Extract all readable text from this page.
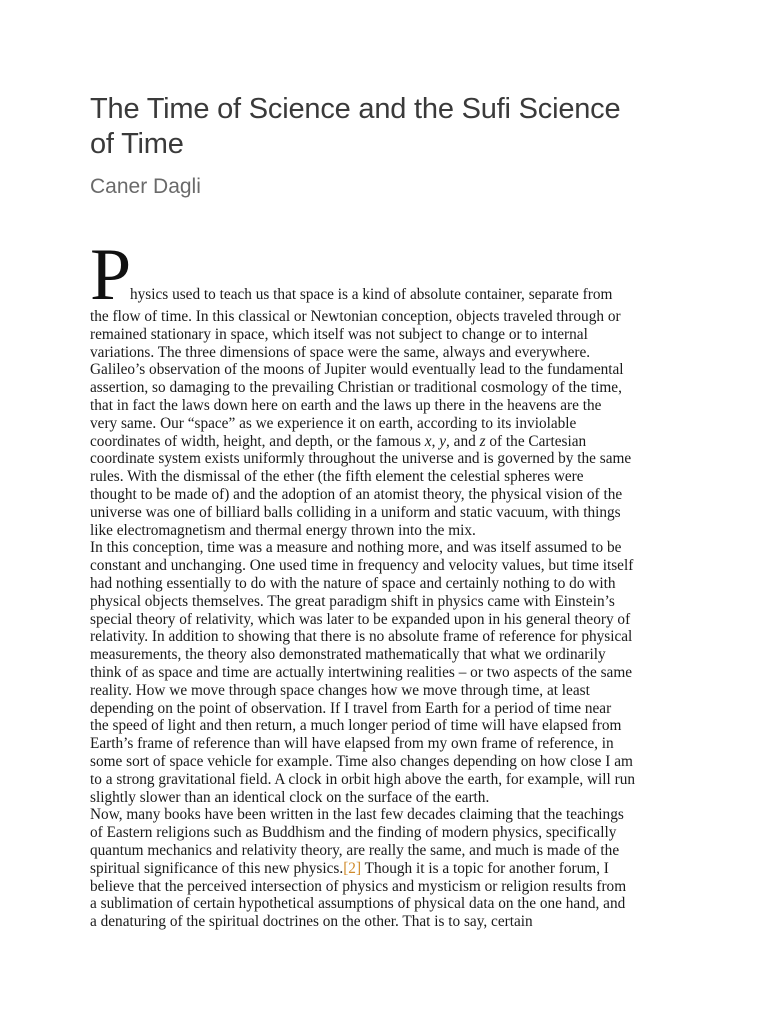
The Time of Science and the Sufi Science
of Time
Caner Dagli
P
hysics used to teach us that space is a kind of absolute container, separate from

the flow of time. In this classical or Newtonian conception, objects traveled through or
remained stationary in space, which itself was not subject to change or to internal
variations. The three dimensions of space were the same, always and everywhere.
Galileo’s observation of the moons of Jupiter would eventually lead to the fundamental
assertion, so damaging to the prevailing Christian or traditional cosmology of the time,
that in fact the laws down here on earth and the laws up there in the heavens are the
very same. Our “space” as we experience it on earth, according to its inviolable
coordinates of width, height, and depth, or the famous x, y, and z of the Cartesian
coordinate system exists uniformly throughout the universe and is governed by the same
rules. With the dismissal of the ether (the fifth element the celestial spheres were
thought to be made of) and the adoption of an atomist theory, the physical vision of the
universe was one of billiard balls colliding in a uniform and static vacuum, with things
like electromagnetism and thermal energy thrown into the mix.

In this conception, time was a measure and nothing more, and was itself assumed to be
constant and unchanging. One used time in frequency and velocity values, but time itself
had nothing essentially to do with the nature of space and certainly nothing to do with
physical objects themselves. The great paradigm shift in physics came with Einstein’s
special theory of relativity, which was later to be expanded upon in his general theory of
relativity. In addition to showing that there is no absolute frame of reference for physical
measurements, the theory also demonstrated mathematically that what we ordinarily
think of as space and time are actually intertwining realities – or two aspects of the same
reality. How we move through space changes how we move through time, at least
depending on the point of observation. If I travel from Earth for a period of time near
the speed of light and then return, a much longer period of time will have elapsed from
Earth’s frame of reference than will have elapsed from my own frame of reference, in
some sort of space vehicle for example. Time also changes depending on how close I am
to a strong gravitational field. A clock in orbit high above the earth, for example, will run
slightly slower than an identical clock on the surface of the earth.

Now, many books have been written in the last few decades claiming that the teachings
of Eastern religions such as Buddhism and the finding of modern physics, specifically
quantum mechanics and relativity theory, are really the same, and much is made of the
spiritual significance of this new physics.[2] Though it is a topic for another forum, I
believe that the perceived intersection of physics and mysticism or religion results from
a sublimation of certain hypothetical assumptions of physical data on the one hand, and
a denaturing of the spiritual doctrines on the other. That is to say, certain
